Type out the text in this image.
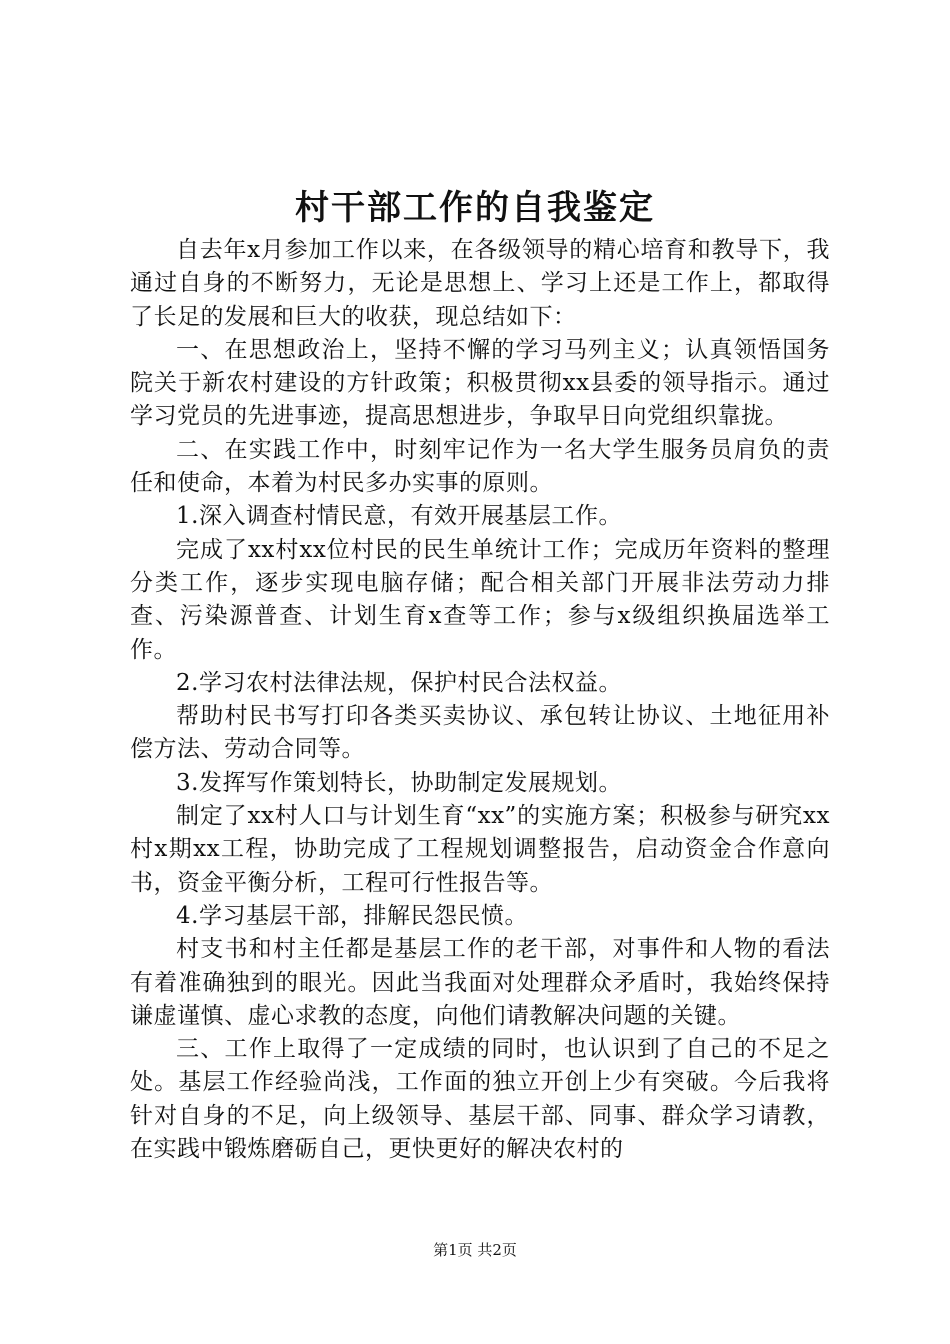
村干部工作的自我鉴定

自去年x月参加工作以来，在各级领导的精心培育和教导下，我通过自身的不断努力，无论是思想上、学习上还是工作上，都取得了长足的发展和巨大的收获，现总结如下：

一、在思想政治上，坚持不懈的学习马列主义；认真领悟国务院关于新农村建设的方针政策；积极贯彻xx县委的领导指示。通过学习党员的先进事迹，提高思想进步，争取早日向党组织靠拢。

二、在实践工作中，时刻牢记作为一名大学生服务员肩负的责任和使命，本着为村民多办实事的原则。

1.深入调查村情民意，有效开展基层工作。

完成了xx村xx位村民的民生单统计工作；完成历年资料的整理分类工作，逐步实现电脑存储；配合相关部门开展非法劳动力排查、污染源普查、计划生育x查等工作；参与x级组织换届选举工作。

2.学习农村法律法规，保护村民合法权益。

帮助村民书写打印各类买卖协议、承包转让协议、土地征用补偿方法、劳动合同等。

3.发挥写作策划特长，协助制定发展规划。

制定了xx村人口与计划生育“xx”的实施方案；积极参与研究xx村x期xx工程，协助完成了工程规划调整报告，启动资金合作意向书，资金平衡分析，工程可行性报告等。

4.学习基层干部，排解民怨民愤。

村支书和村主任都是基层工作的老干部，对事件和人物的看法有着准确独到的眼光。因此当我面对处理群众矛盾时，我始终保持谦虚谨慎、虚心求教的态度，向他们请教解决问题的关键。

三、工作上取得了一定成绩的同时，也认识到了自己的不足之处。基层工作经验尚浅，工作面的独立开创上少有突破。今后我将针对自身的不足，向上级领导、基层干部、同事、群众学习请教，在实践中锻炼磨砺自己，更快更好的解决农村的

第1页 共2页
